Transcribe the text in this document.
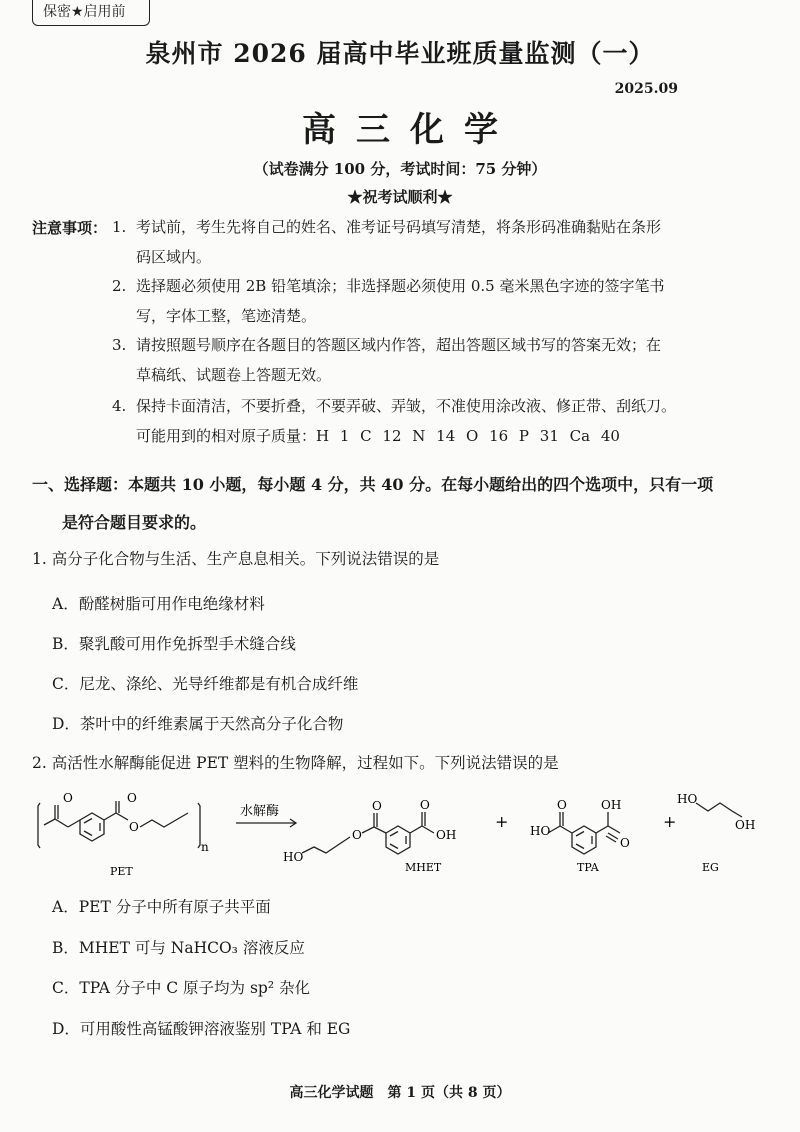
保密★启用前
泉州市 2026 届高中毕业班质量监测（一）
2025.09
高三化学
（试卷满分 100 分，考试时间：75 分钟）
★祝考试顺利★
注意事项： 1. 考试前，考生先将自己的姓名、准考证号码填写清楚，将条形码准确黏贴在条形
码区域内。
2. 选择题必须使用 2B 铅笔填涂；非选择题必须使用 0.5 毫米黑色字迹的签字笔书
写，字体工整，笔迹清楚。
3. 请按照题号顺序在各题目的答题区域内作答，超出答题区域书写的答案无效；在
草稿纸、试题卷上答题无效。
4. 保持卡面清洁，不要折叠，不要弄破、弄皱，不准使用涂改液、修正带、刮纸刀。
可能用到的相对原子质量：H 1 C 12 N 14 O 16 P 31 Ca 40
一、选择题：本题共 10 小题，每小题 4 分，共 40 分。在每小题给出的四个选项中，只有一项
是符合题目要求的。
1. 高分子化合物与生活、生产息息相关。下列说法错误的是
A．酚醛树脂可用作电绝缘材料
B．聚乳酸可用作免拆型手术缝合线
C．尼龙、涤纶、光导纤维都是有机合成纤维
D．茶叶中的纤维素属于天然高分子化合物
2. 高活性水解酶能促进 PET 塑料的生物降解，过程如下。下列说法错误的是
O	O
O
n
水解酶	O
O
HO
O
OH
+ HO
O	OH
O
+
HO
OH
PET	MHET	TPA	EG
A．PET 分子中所有原子共平面
B．MHET 可与 NaHCO₃ 溶液反应
C．TPA 分子中 C 原子均为 sp² 杂化
D．可用酸性高锰酸钾溶液鉴别 TPA 和 EG
高三化学试题　第 1 页（共 8 页）
